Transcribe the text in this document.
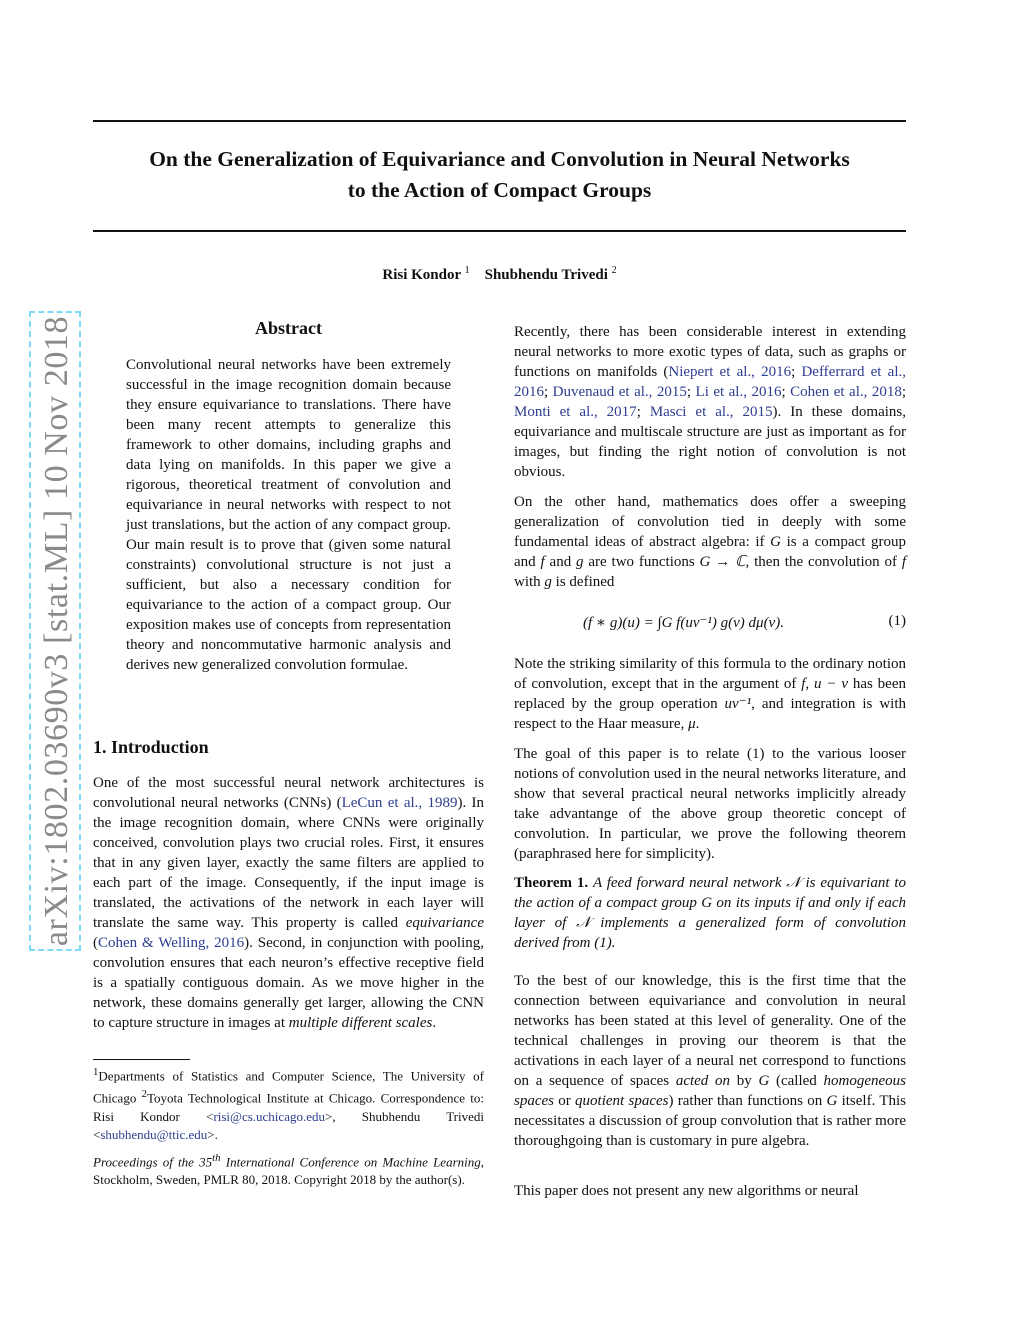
On the Generalization of Equivariance and Convolution in Neural Networks
to the Action of Compact Groups
Risi Kondor $^1$ Shubhendu Trivedi $^2$
arXiv:1802.03690v3 [stat.ML] 10 Nov 2018	Abstract
Convolutional neural networks have been extremely successful in the image recognition domain because they ensure equivariance to translations. There have been many recent attempts to generalize this framework to other domains, including graphs and data lying on manifolds. In this paper we give a rigorous, theoretical treatment of convolution and equivariance in neural networks with respect to not just translations, but the action of any compact group. Our main result is to prove that (given some natural constraints) convolutional structure is not just a sufficient, but also a necessary condition for equivariance to the action of a compact group. Our exposition makes use of concepts from representation theory and noncommutative harmonic analysis and derives new generalized convolution formulae.
1. Introduction
One of the most successful neural network architectures is convolutional neural networks (CNNs) (LeCun et al., 1989). In the image recognition domain, where CNNs were originally conceived, convolution plays two crucial roles. First, it ensures that in any given layer, exactly the same filters are applied to each part of the image. Consequently, if the input image is translated, the activations of the network in each layer will translate the same way. This property is called equivariance (Cohen & Welling, 2016). Second, in conjunction with pooling, convolution ensures that each neuron’s effective receptive field is a spatially contiguous domain. As we move higher in the network, these domains generally get larger, allowing the CNN to capture structure in images at multiple different scales.
$^1$Departments of Statistics and Computer Science, The University of Chicago $^2$Toyota Technological Institute at Chicago. Correspondence to: Risi Kondor <risi@cs.uchicago.edu>, Shubhendu Trivedi <shubhendu@ttic.edu>.
Proceedings of the 35th International Conference on Machine Learning, Stockholm, Sweden, PMLR 80, 2018. Copyright 2018 by the author(s).
Recently, there has been considerable interest in extending neural networks to more exotic types of data, such as graphs or functions on manifolds (Niepert et al., 2016; Defferrard et al., 2016; Duvenaud et al., 2015; Li et al., 2016; Cohen et al., 2018; Monti et al., 2017; Masci et al., 2015). In these domains, equivariance and multiscale structure are just as important as for images, but finding the right notion of convolution is not obvious.
On the other hand, mathematics does offer a sweeping generalization of convolution tied in deeply with some fundamental ideas of abstract algebra: if G is a compact group and f and g are two functions G → ℂ, then the convolution of f with g is defined
(f ∗ g)(u) = ∫G f(uv⁻¹) g(v) dμ(v).	(1)
Note the striking similarity of this formula to the ordinary notion of convolution, except that in the argument of f, u − v has been replaced by the group operation uv⁻¹, and integration is with respect to the Haar measure, μ.
The goal of this paper is to relate (1) to the various looser notions of convolution used in the neural networks literature, and show that several practical neural networks implicitly already take advantange of the above group theoretic concept of convolution. In particular, we prove the following theorem (paraphrased here for simplicity).
Theorem 1. A feed forward neural network 𝒩 is equivariant to the action of a compact group G on its inputs if and only if each layer of 𝒩 implements a generalized form of convolution derived from (1).
To the best of our knowledge, this is the first time that the connection between equivariance and convolution in neural networks has been stated at this level of generality. One of the technical challenges in proving our theorem is that the activations in each layer of a neural net correspond to functions on a sequence of spaces acted on by G (called homogeneous spaces or quotient spaces) rather than functions on G itself. This necessitates a discussion of group convolution that is rather more thoroughgoing than is customary in pure algebra.
This paper does not present any new algorithms or neural
